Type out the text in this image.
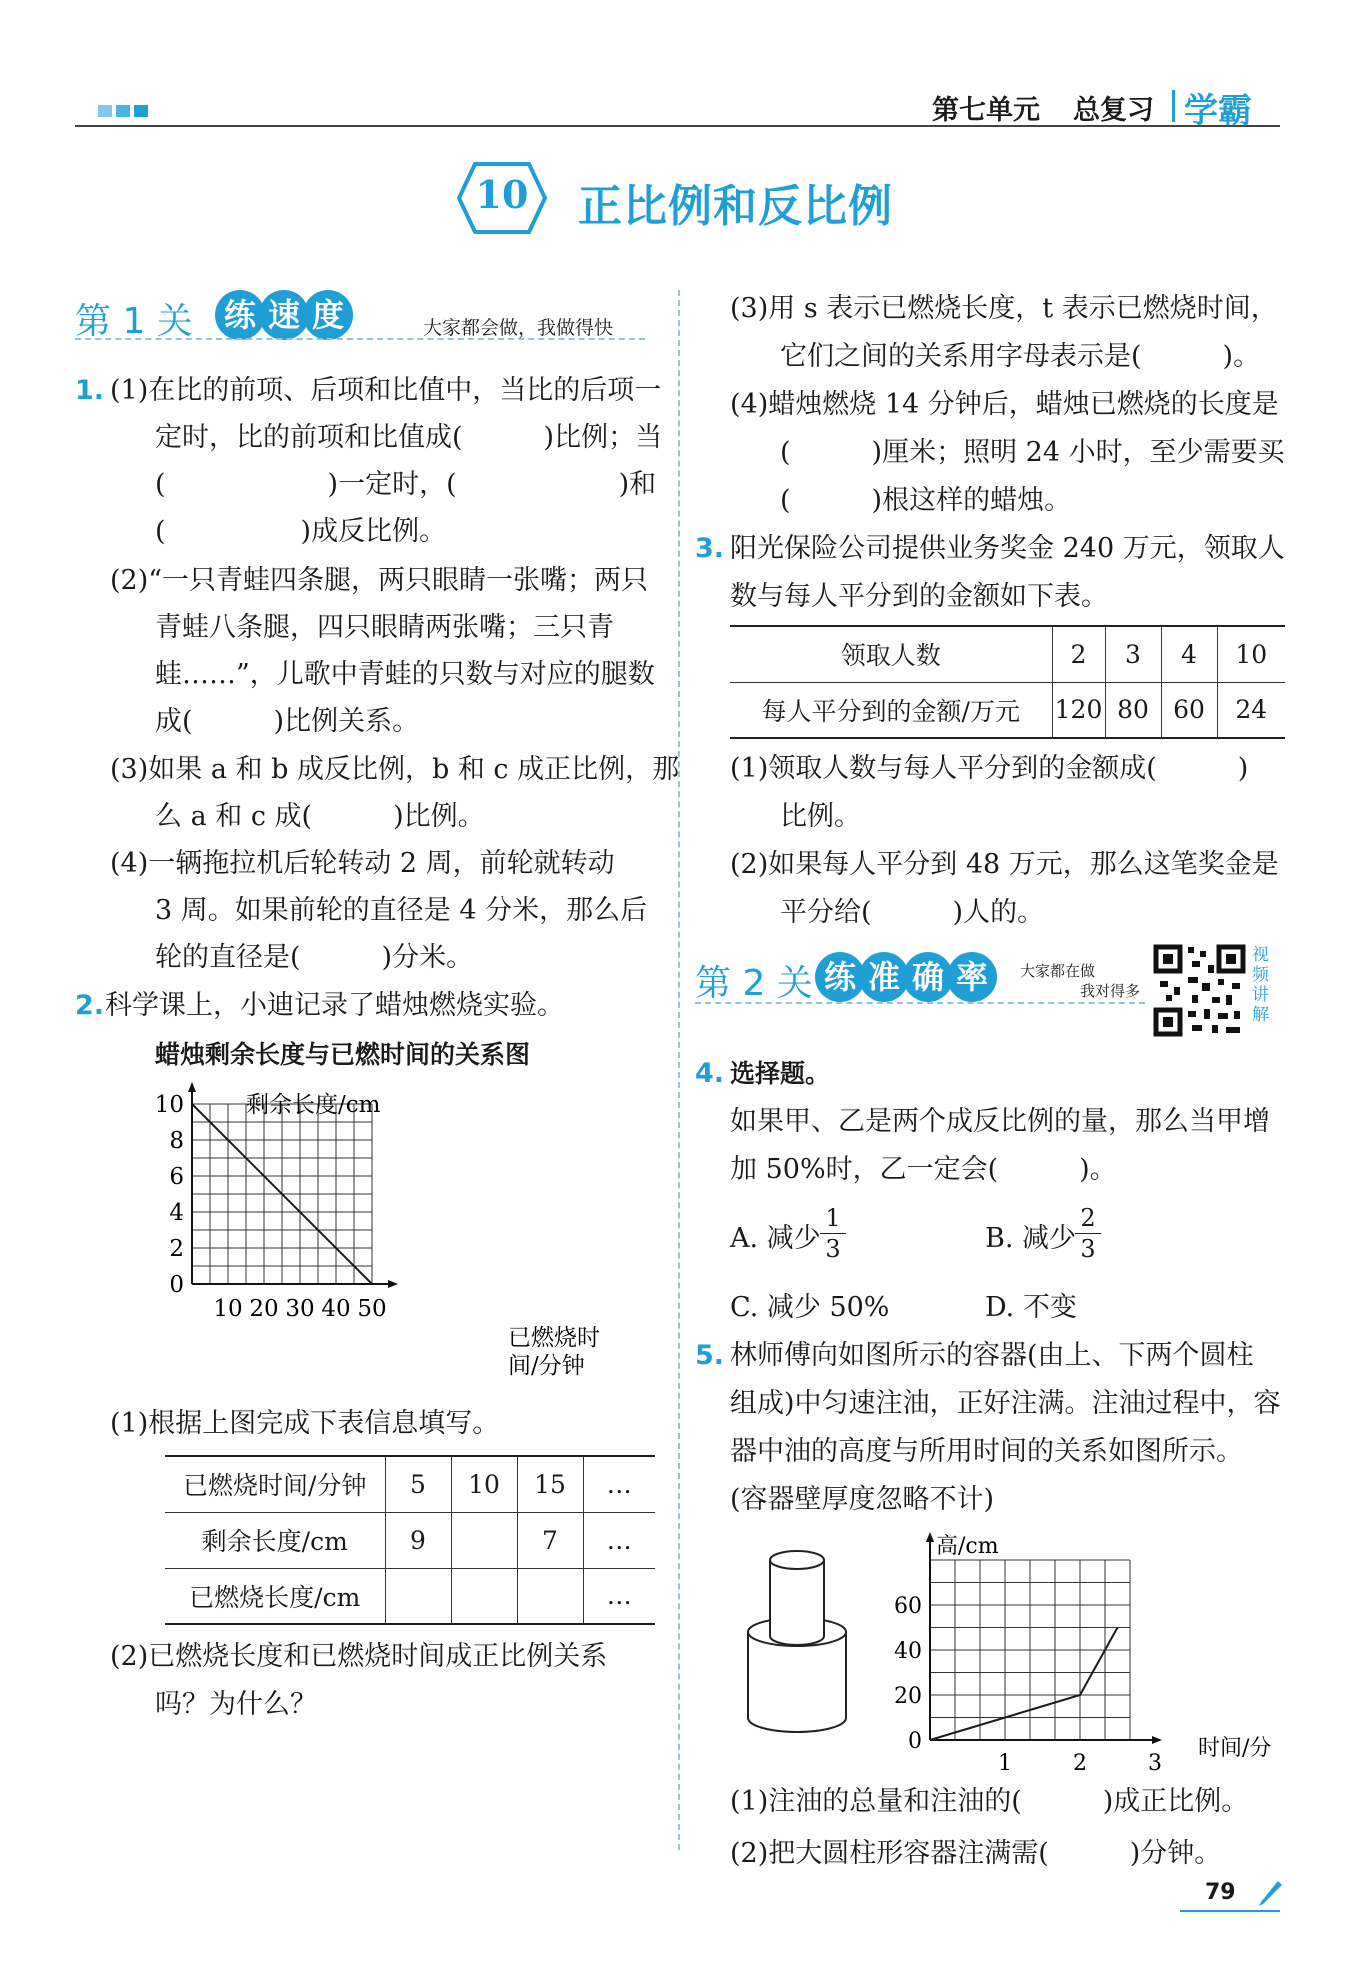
第七单元 总复习 学霸
10	正比例和反比例
第 1 关 练 速 度	大家都会做，我做得快
1. (1)在比的前项、后项和比值中，当比的后项一
定时，比的前项和比值成(　　　)比例；当
(　　　　　　)一定时，(　　　　　　)和
(　　　　　)成反比例。
(2)“一只青蛙四条腿，两只眼睛一张嘴；两只
青蛙八条腿，四只眼睛两张嘴；三只青
蛙……”，儿歌中青蛙的只数与对应的腿数
成(　　　)比例关系。
(3)如果 a 和 b 成反比例，b 和 c 成正比例，那
么 a 和 c 成(　　　)比例。
(4)一辆拖拉机后轮转动 2 周，前轮就转动
3 周。如果前轮的直径是 4 分米，那么后
轮的直径是(　　　)分米。
2. 科学课上，小迪记录了蜡烛燃烧实验。
蜡烛剩余长度与已燃时间的关系图
0
2
4
6
8
10
10 20 30 40 50
剩余长度/cm
已燃烧时
间/分钟
(1)根据上图完成下表信息填写。
已燃烧时间/分钟	5	10	15	…
剩余长度/cm	9		7	…
已燃烧长度/cm				…
(2)已燃烧长度和已燃烧时间成正比例关系
吗？为什么？
(3)用 s 表示已燃烧长度，t 表示已燃烧时间，
它们之间的关系用字母表示是(　　　)。
(4)蜡烛燃烧 14 分钟后，蜡烛已燃烧的长度是
(　　　)厘米；照明 24 小时，至少需要买
(　　　)根这样的蜡烛。
3. 阳光保险公司提供业务奖金 240 万元，领取人
数与每人平分到的金额如下表。
领取人数	2	3	4	10
每人平分到的金额/万元	120	80	60	24
(1)领取人数与每人平分到的金额成(　　　)
比例。
(2)如果每人平分到 48 万元，那么这笔奖金是
平分给(　　　)人的。
第 2 关 练 准 确 率 大家都在做
我对得多
视频讲解
4. 选择题。
如果甲、乙是两个成反比例的量，那么当甲增
加 50%时，乙一定会(　　　)。
A. 减少 $\frac{1}{3}$	B. 减少
$\frac{2}{3}$
C. 减少 50%	D. 不变
5. 林师傅向如图所示的容器(由上、下两个圆柱
组成)中匀速注油，正好注满。注油过程中，容
器中油的高度与所用时间的关系如图所示。
(容器壁厚度忽略不计)
0
20
40
60
1	2	3
高/cm
时间/分
(1)注油的总量和注油的(　　　)成正比例。
(2)把大圆柱形容器注满需(　　　)分钟。
79
